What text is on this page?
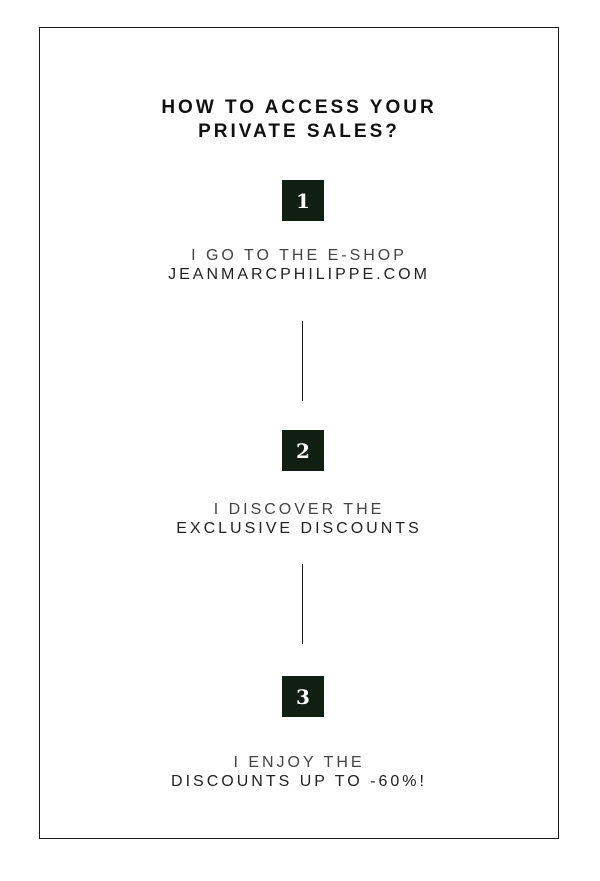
HOW TO ACCESS YOUR
PRIVATE SALES?
1
I GO TO THE E-SHOP
JEANMARCPHILIPPE.COM
2
I DISCOVER THE
EXCLUSIVE DISCOUNTS
3
I ENJOY THE
DISCOUNTS UP TO -60%!
